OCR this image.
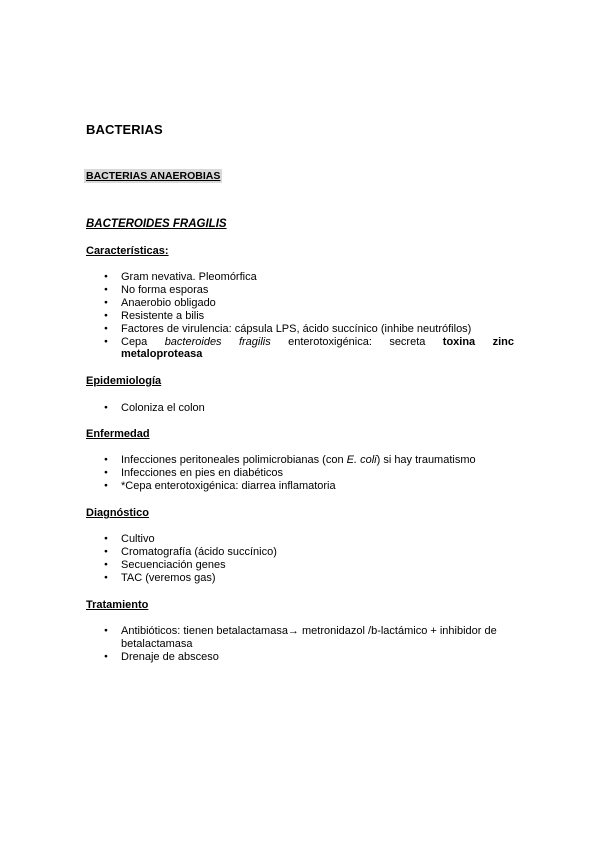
BACTERIAS
BACTERIAS ANAEROBIAS
BACTEROIDES FRAGILIS
Características:
● Gram nevativa. Pleomórfica
● No forma esporas
● Anaerobio obligado
● Resistente a bilis
● Factores de virulencia: cápsula LPS, ácido succínico (inhibe neutrófilos)
● Cepa bacteroides fragilis enterotoxigénica: secreta toxina zinc
metaloproteasa
Epidemiología
● Coloniza el colon
Enfermedad
● Infecciones peritoneales polimicrobianas (con E. coli) si hay traumatismo
● Infecciones en pies en diabéticos
● *Cepa enterotoxigénica: diarrea inflamatoria
Diagnóstico
● Cultivo
● Cromatografía (ácido succínico)
● Secuenciación genes
● TAC (veremos gas)
Tratamiento
● Antibióticos: tienen betalactamasa→ metronidazol /b-lactámico + inhibidor de
betalactamasa
● Drenaje de absceso
